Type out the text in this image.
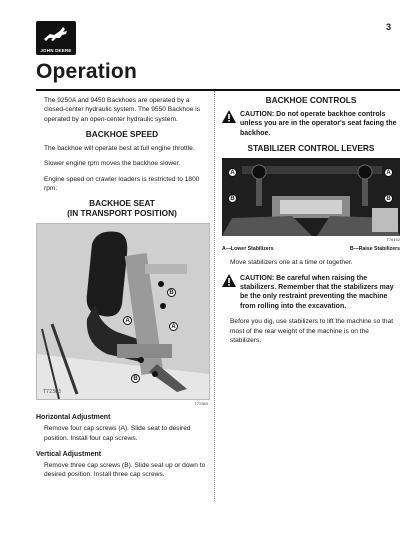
JOHN DEERE
3
Operation

The 9250A and 9450 Backhoes are operated by a closed-center hydraulic system. The 9550 Backhoe is operated by an open-center hydraulic system.

BACKHOE SPEED

The backhoe will operate best at full engine throttle.

Slower engine rpm moves the backhoe slower.

Engine speed on crawler loaders is restricted to 1800 rpm.

BACKHOE SEAT
(IN TRANSPORT POSITION)
A
B
A
B
T72363
T72363
Horizontal Adjustment

Remove four cap screws (A). Slide seat to desired position. Install four cap screws.

Vertical Adjustment

Remove three cap screws (B). Slide seat up or down to desired position. Install three cap screws.

BACKHOE CONTROLS

CAUTION: Do not operate backhoe controls unless you are in the operator's seat facing the backhoe.

STABILIZER CONTROL LEVERS
A
B
A
B
T76152
A—Lower Stabilizers	B—Raise Stabilizers

Move stabilizers one at a time or together.

CAUTION: Be careful when raising the stabilizers. Remember that the stabilizers may be the only restraint preventing the machine from rolling into the excavation.

Before you dig, use stabilizers to lift the machine so that most of the rear weight of the machine is on the stabilizers.
